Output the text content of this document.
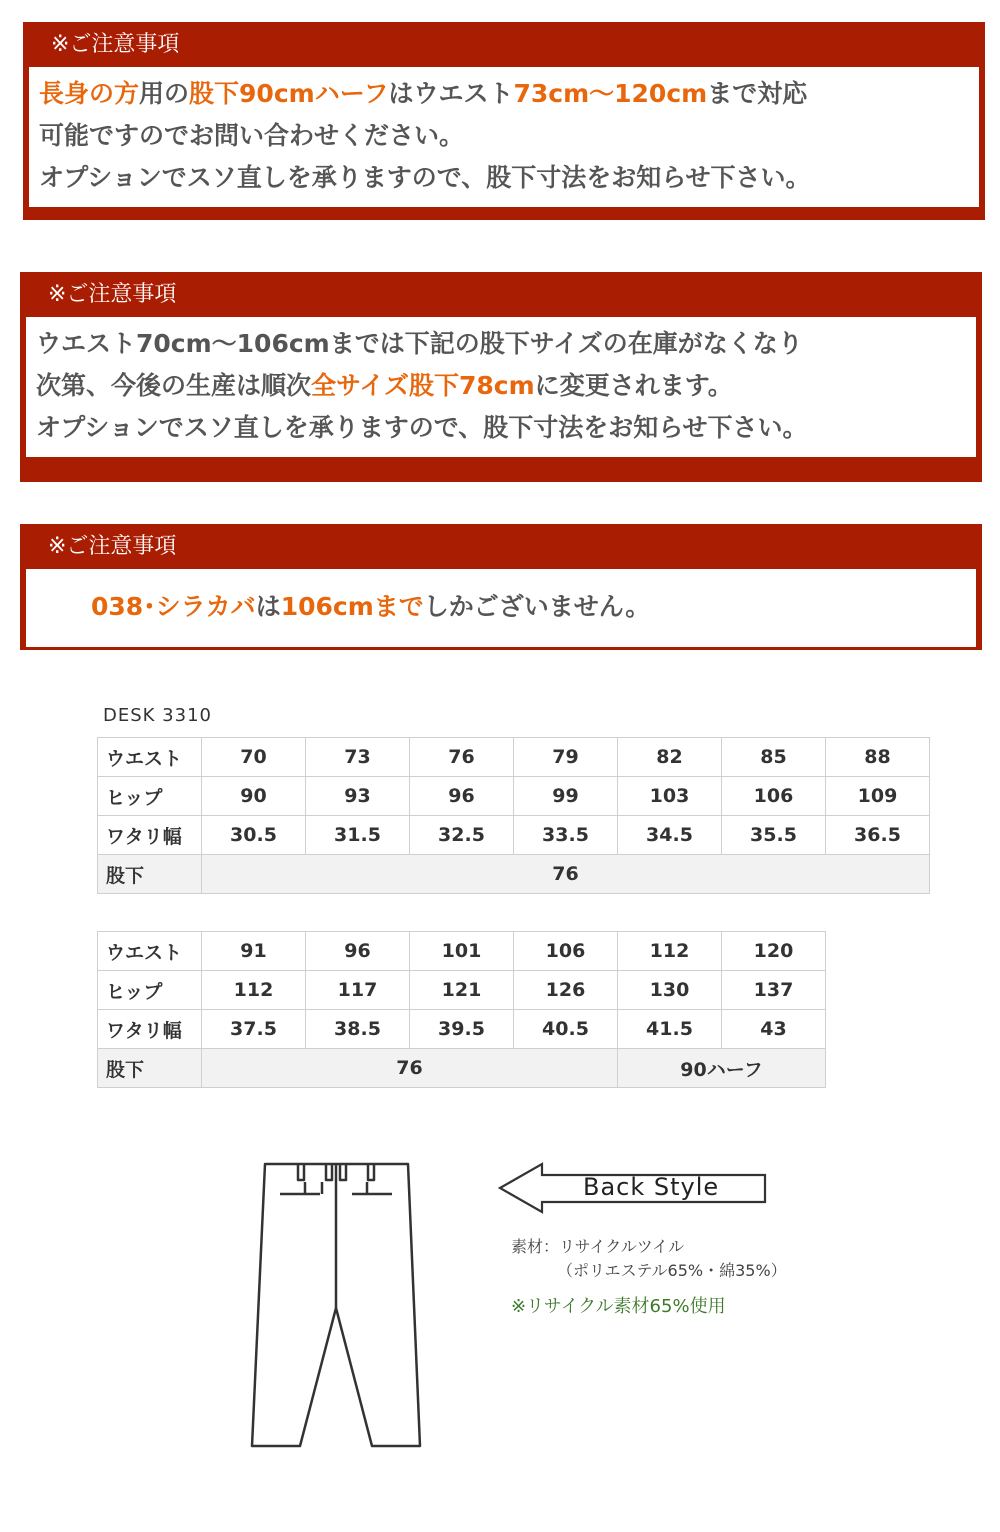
※ご注意事項
長身の方用の股下90cmハーフはウエスト73cm〜120cmまで対応
可能ですのでお問い合わせください。
オプションでスソ直しを承りますので、股下寸法をお知らせ下さい。
※ご注意事項
ウエスト70cm〜106cmまでは下記の股下サイズの在庫がなくなり
次第、今後の生産は順次全サイズ股下78cmに変更されます。
オプションでスソ直しを承りますので、股下寸法をお知らせ下さい。
※ご注意事項
038･シラカバは106cmまでしかございません。
DESK 3310
ウエスト	70	73	76	79	82	85	88
ヒップ	90	93	96	99	103	106	109
ワタリ幅	30.5	31.5	32.5	33.5	34.5	35.5	36.5
股下	76						
ウエスト	91	96	101	106	112	120
ヒップ	112	117	121	126	130	137
ワタリ幅	37.5	38.5	39.5	40.5	41.5	43
股下	76				90ハーフ	
Back Style
素材：リサイクルツイル
（ポリエステル65%・綿35%）
※リサイクル素材65%使用
